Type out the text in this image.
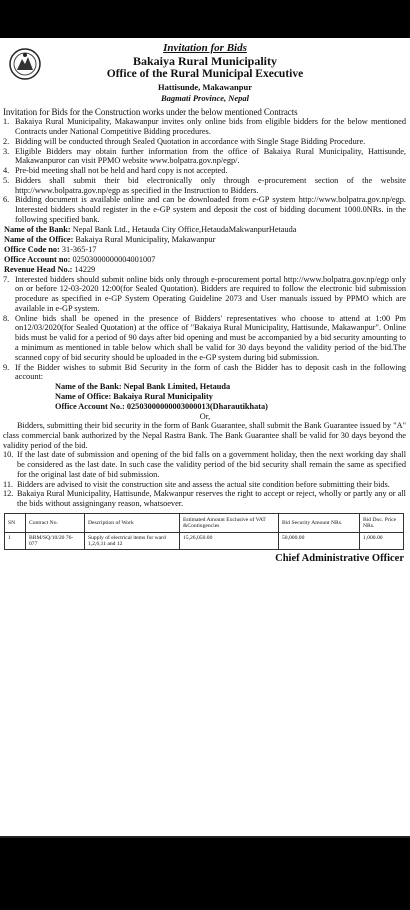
Invitation for Bids
Bakaiya Rural Municipality
Office of the Rural Municipal Executive
Hattisunde, Makawanpur
Bagmati Province, Nepal
Invitation for Bids for the Construction works under the below mentioned Contracts
1. Bakaiya Rural Municipality, Makawanpur invites only online bids from eligible bidders for the below mentioned Contracts under National Competitive Bidding procedures.
2. Bidding will be conducted through Sealed Quotation in accordance with Single Stage Bidding Procedure.
3. Eligible Bidders may obtain further information from the office of Bakaiya Rural Municipality, Hattisunde, Makawanpuror can visit PPMO website www.bolpatra.gov.np/egp/.
4. Pre-bid meeting shall not be held and hard copy is not accepted.
5. Bidders shall submit their bid electronically only through e-procurement section of the website http://www.bolpatra.gov.np/egp as specified in the Instruction to Bidders.
6. Bidding document is available online and can be downloaded from e-GP system http://www.bolpatra.gov.np/egp. Interested bidders should register in the e-GP system and deposit the cost of bidding document 1000.0NRs. in the following specified bank.
Name of the Bank: Nepal Bank Ltd., Hetauda City Office,HetaudaMakwanpurHetauda
Name of the Office: Bakaiya Rural Municipality, Makawanpur
Office Code no: 31-365-17
Office Account no: 02503000000004001007
Revenue Head No.: 14229
7. Interested bidders should submit online bids only through e-procurement portal http://www.bolpatra.gov.np/egp only on or before 12-03-2020 12:00(for Sealed Quotation). Bidders are required to follow the electronic bid submission procedure as specified in e-GP System Operating Guideline 2073 and User manuals issued by PPMO which are available in e-GP system.
8. Online bids shall be opened in the presence of Bidders' representatives who choose to attend at 1:00 Pm on12/03/2020(for Sealed Quotation) at the office of "Bakaiya Rural Municipality, Hattisunde, Makawanpur". Online bids must be valid for a period of 90 days after bid opening and must be accompanied by a bid security amounting to a minimum as mentioned in table below which shall be valid for 30 days beyond the validity period of the bid.The scanned copy of bid security should be uploaded in the e-GP system during bid submission.
9. If the Bidder wishes to submit Bid Security in the form of cash the Bidder has to deposit cash in the following account:
Name of the Bank: Nepal Bank Limited, Hetauda
Name of Office: Bakaiya Rural Municipality
Office Account No.: 02503000000003000013(Dharautikhata)
Or,
Bidders, submitting their bid security in the form of Bank Guarantee, shall submit the Bank Guarantee issued by "A" class commercial bank authorized by the Nepal Rastra Bank. The Bank Guarantee shall be valid for 30 days beyond the validity period of the bid.
10. If the last date of submission and opening of the bid falls on a government holiday, then the next working day shall be considered as the last date. In such case the validity period of the bid security shall remain the same as specified for the original last date of bid submission.
11. Bidders are advised to visit the construction site and assess the actual site condition before submitting their bids.
12. Bakaiya Rural Municipality, Hattisunde, Makwanpur reserves the right to accept or reject, wholly or partly any or all the bids without assigningany reason, whatsoever.
SN	Contract No.	Description of Work	Estimated Amount Exclusive of VAT &Contingencies	Bid Security Amount NRs.	Bid Doc. Price NRs.
1	BRM/SQ/10/20 76-077	Supply of electrical items for ward 1,2,6,11 and 12	15,26,050.00	50,000.00	1,000.00
Chief Administrative Officer
